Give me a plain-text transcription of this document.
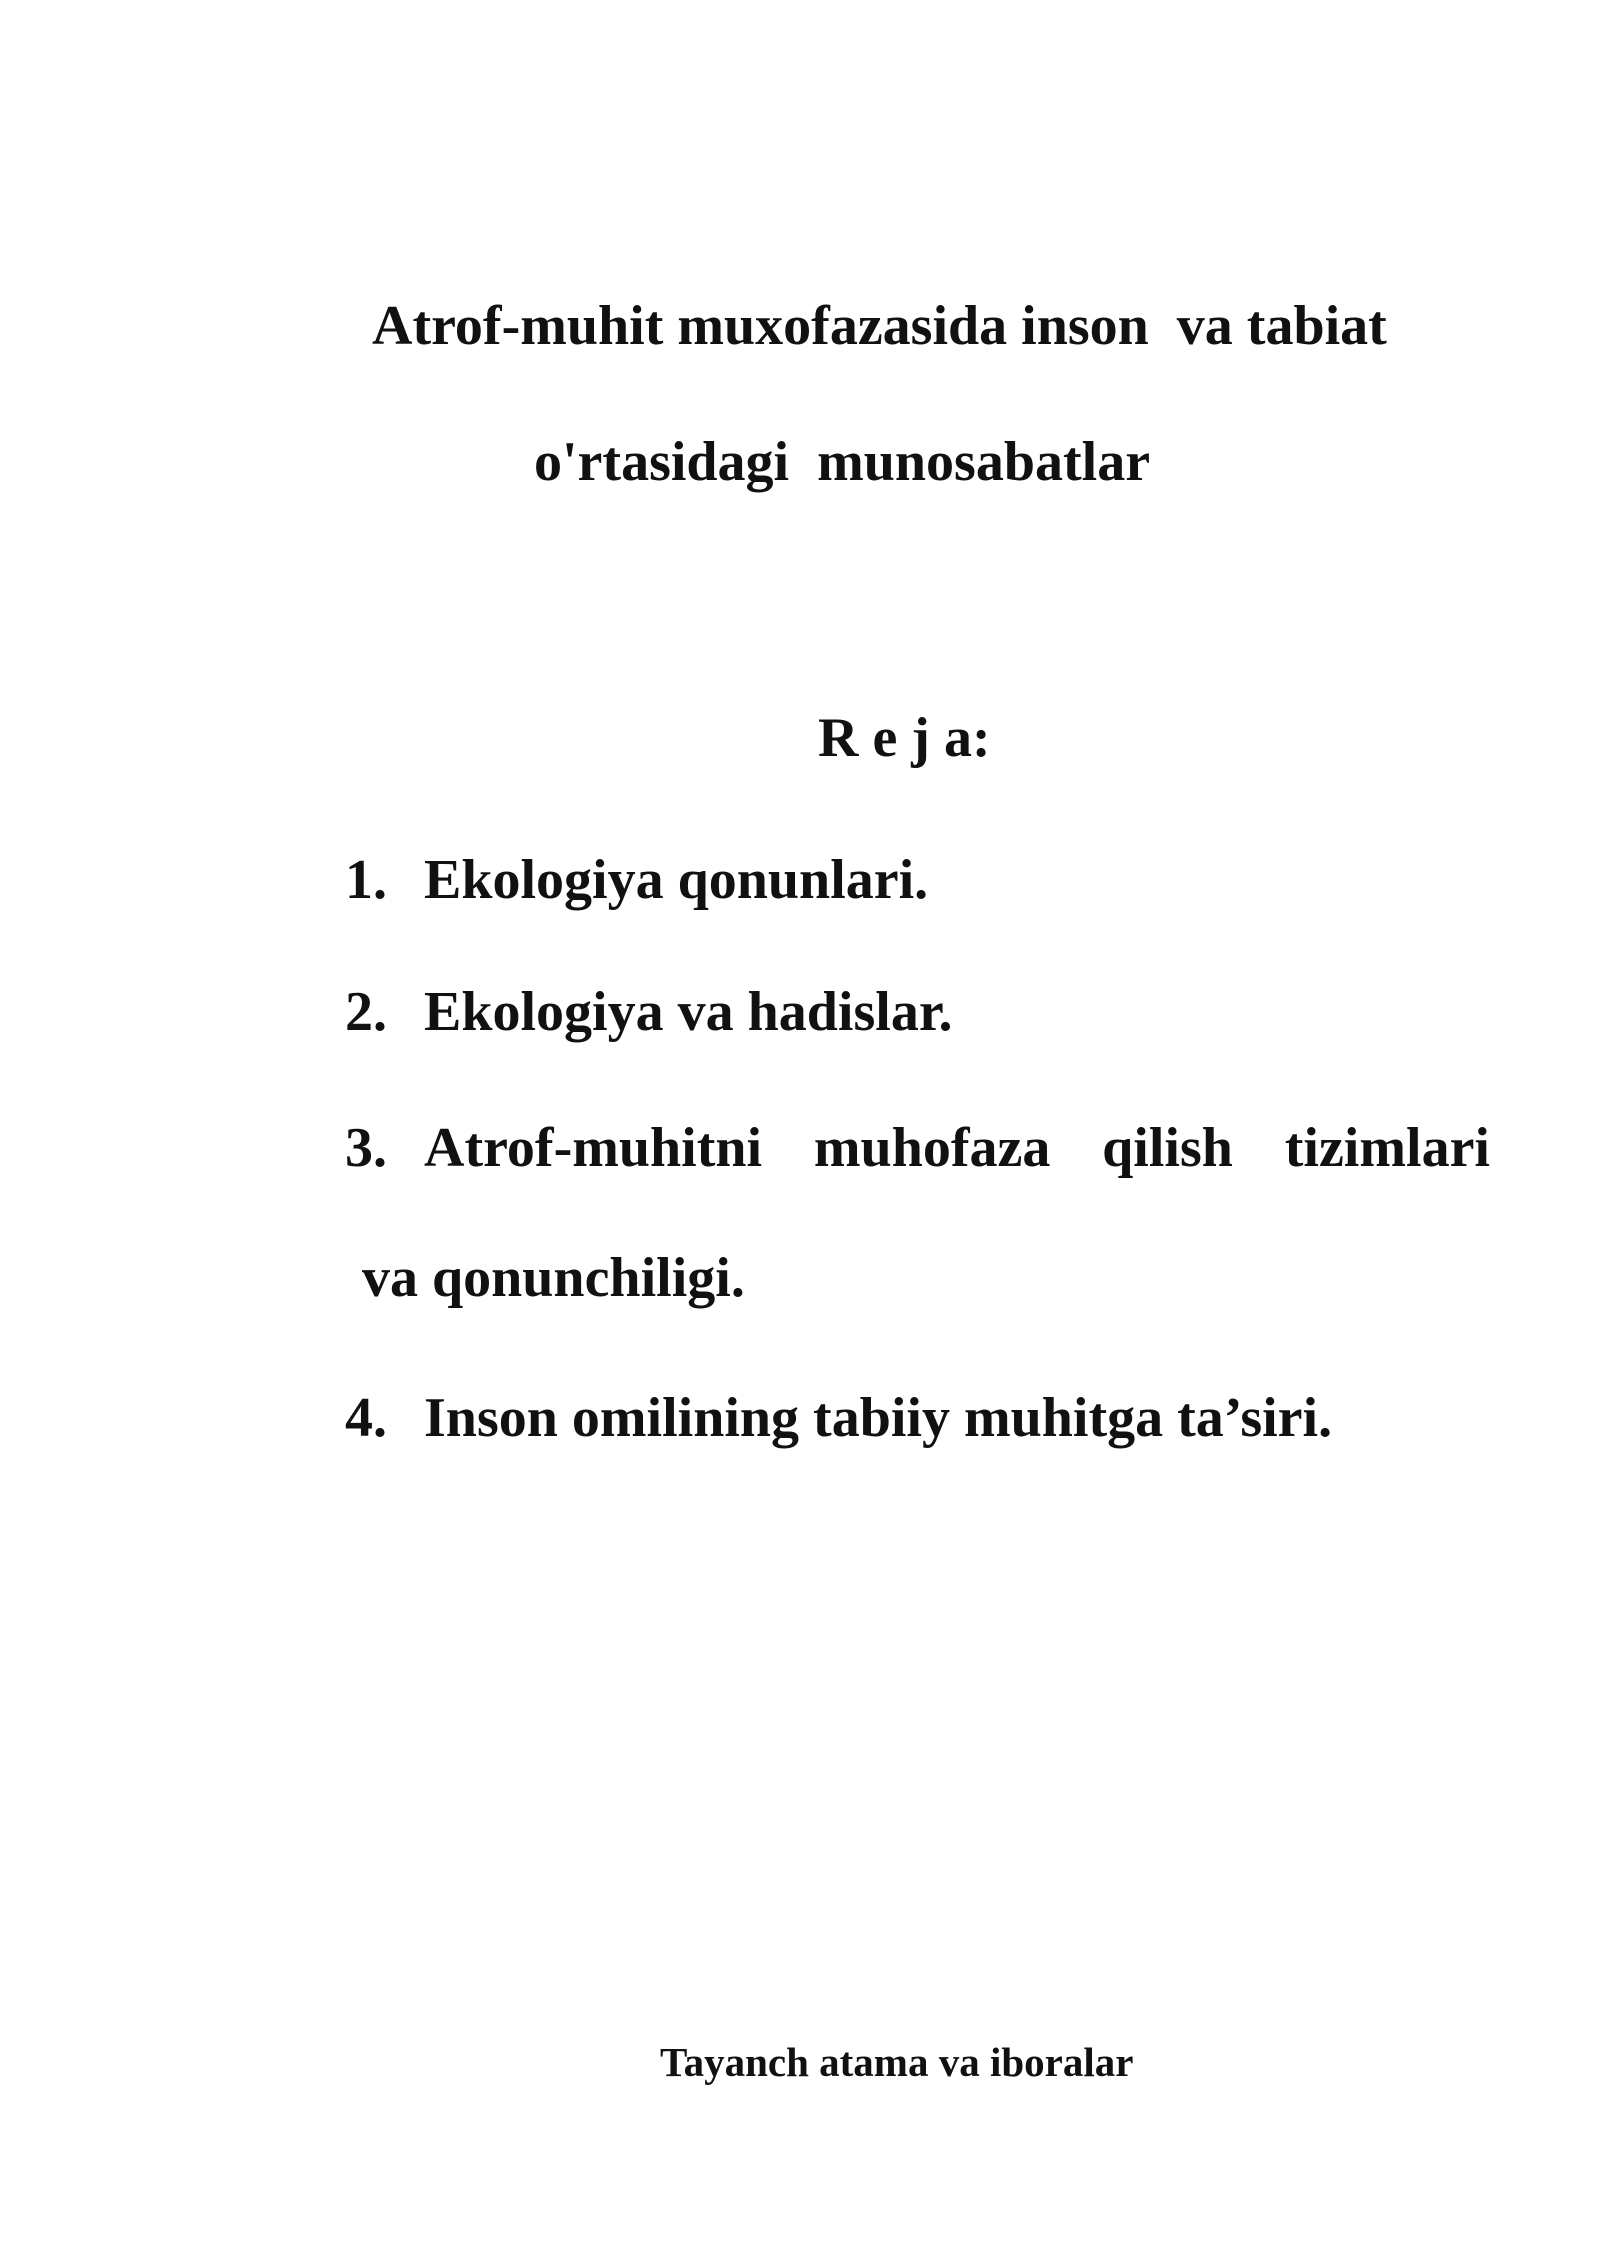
Atrof-muhit muxofazasida inson  va tabiat
o'rtasidagi  munosabatlar
R e j a:
1. Ekologiya qonunlari.
2. Ekologiya va hadislar.
3. Atrof-muhitni  muhofaza  qilish  tizimlari
va qonunchiligi.
4. Inson omilining tabiiy muhitga ta’siri.
Tayanch atama va iboralar
